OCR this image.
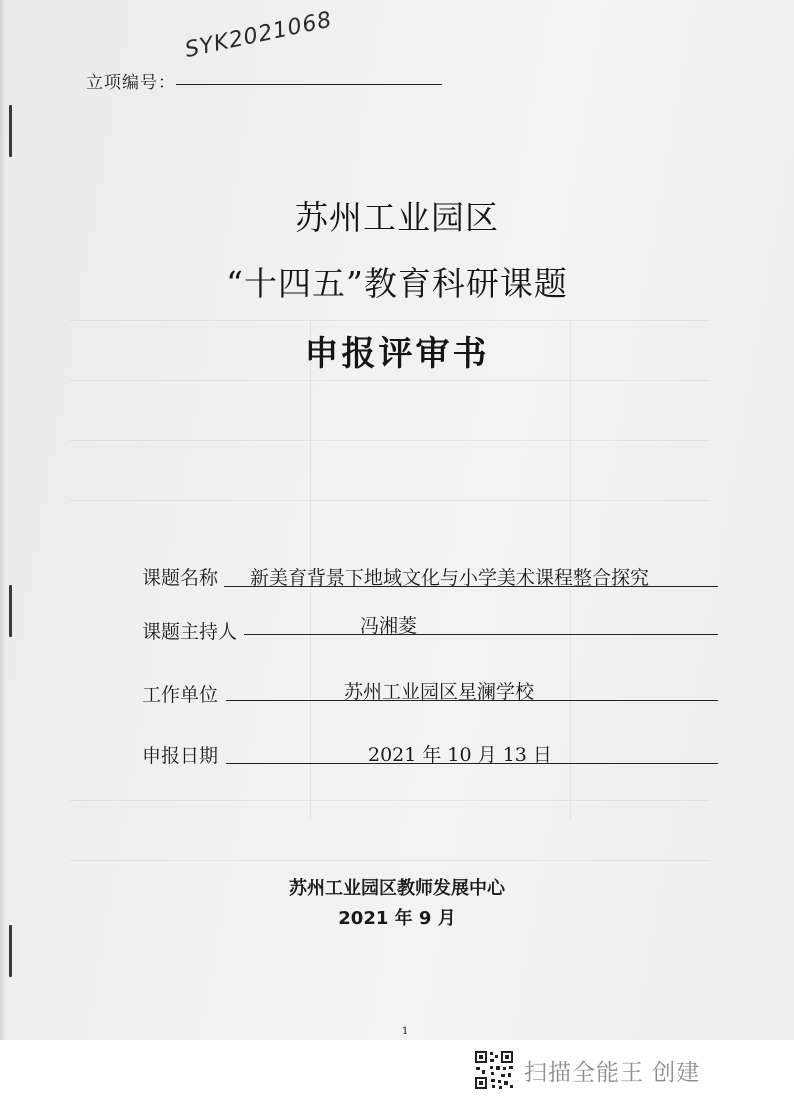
立项编号：
SYK2021068
苏州工业园区
“十四五”教育科研课题
申报评审书
课题名称 新美育背景下地域文化与小学美术课程整合探究
课题主持人	冯湘菱
工作单位	苏州工业园区星澜学校
申报日期	2021 年 10 月 13 日
苏州工业园区教师发展中心
2021 年 9 月
1
扫描全能王 创建
